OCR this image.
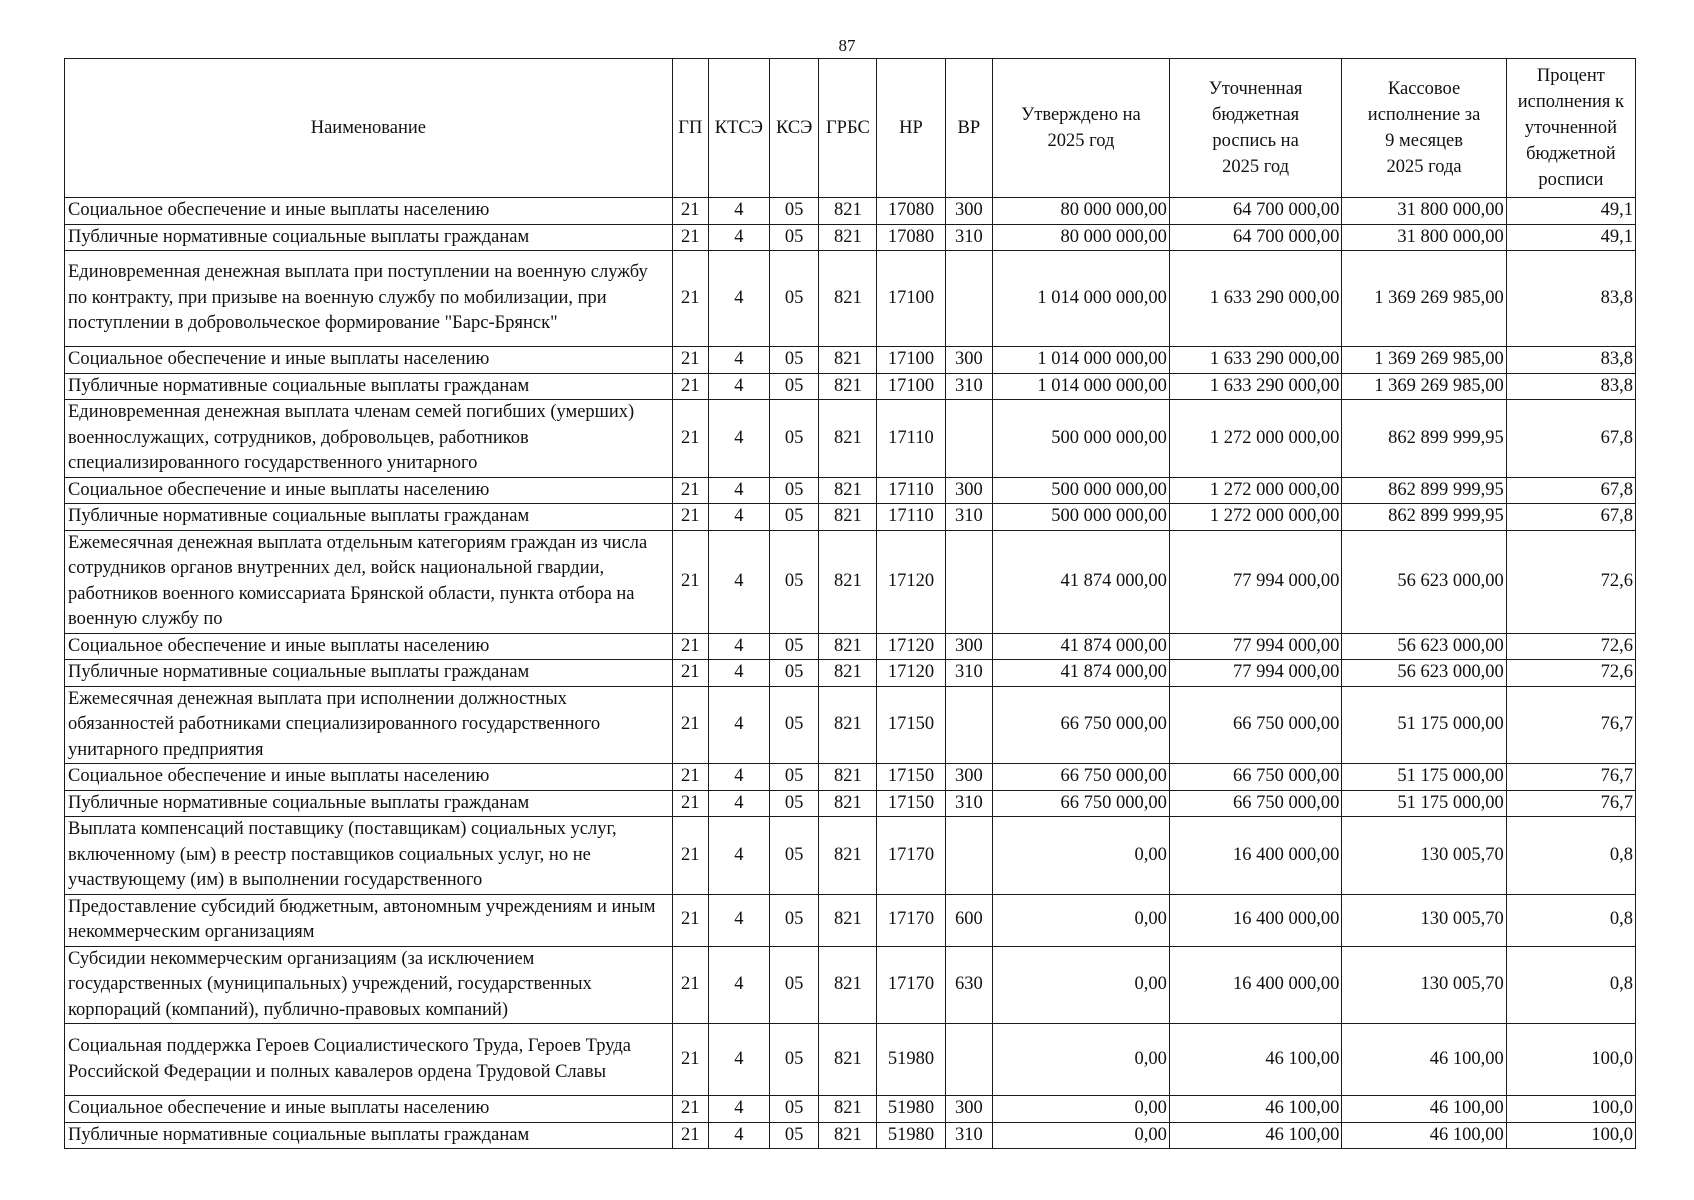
87
Наименование	ГП	КТСЭ	КСЭ	ГРБС	НР	ВР	Утверждено на 2025 год	Уточненная бюджетная роспись на 2025 год	Кассовое исполнение за 9 месяцев 2025 года	Процент исполнения к уточненной бюджетной росписи
Социальное обеспечение и иные выплаты населению	21	4	05	821	17080	300	80 000 000,00	64 700 000,00	31 800 000,00	49,1
Публичные нормативные социальные выплаты гражданам	21	4	05	821	17080	310	80 000 000,00	64 700 000,00	31 800 000,00	49,1
Единовременная денежная выплата при поступлении на военную службу по контракту, при призыве на военную службу по мобилизации, при поступлении в добровольческое формирование "Барс-Брянск"	21	4	05	821	17100		1 014 000 000,00	1 633 290 000,00	1 369 269 985,00	83,8
Социальное обеспечение и иные выплаты населению	21	4	05	821	17100	300	1 014 000 000,00	1 633 290 000,00	1 369 269 985,00	83,8
Публичные нормативные социальные выплаты гражданам	21	4	05	821	17100	310	1 014 000 000,00	1 633 290 000,00	1 369 269 985,00	83,8
Единовременная денежная выплата членам семей погибших (умерших) военнослужащих, сотрудников, добровольцев, работников специализированного государственного унитарного	21	4	05	821	17110		500 000 000,00	1 272 000 000,00	862 899 999,95	67,8
Социальное обеспечение и иные выплаты населению	21	4	05	821	17110	300	500 000 000,00	1 272 000 000,00	862 899 999,95	67,8
Публичные нормативные социальные выплаты гражданам	21	4	05	821	17110	310	500 000 000,00	1 272 000 000,00	862 899 999,95	67,8
Ежемесячная денежная выплата отдельным категориям граждан из числа сотрудников органов внутренних дел, войск национальной гвардии, работников военного комиссариата Брянской области, пункта отбора на военную службу по	21	4	05	821	17120		41 874 000,00	77 994 000,00	56 623 000,00	72,6
Социальное обеспечение и иные выплаты населению	21	4	05	821	17120	300	41 874 000,00	77 994 000,00	56 623 000,00	72,6
Публичные нормативные социальные выплаты гражданам	21	4	05	821	17120	310	41 874 000,00	77 994 000,00	56 623 000,00	72,6
Ежемесячная денежная выплата при исполнении должностных обязанностей работниками специализированного государственного унитарного предприятия	21	4	05	821	17150		66 750 000,00	66 750 000,00	51 175 000,00	76,7
Социальное обеспечение и иные выплаты населению	21	4	05	821	17150	300	66 750 000,00	66 750 000,00	51 175 000,00	76,7
Публичные нормативные социальные выплаты гражданам	21	4	05	821	17150	310	66 750 000,00	66 750 000,00	51 175 000,00	76,7
Выплата компенсаций поставщику (поставщикам) социальных услуг, включенному (ым) в реестр поставщиков социальных услуг, но не участвующему (им) в выполнении государственного	21	4	05	821	17170		0,00	16 400 000,00	130 005,70	0,8
Предоставление субсидий бюджетным, автономным учреждениям и иным некоммерческим организациям	21	4	05	821	17170	600	0,00	16 400 000,00	130 005,70	0,8
Субсидии некоммерческим организациям (за исключением государственных (муниципальных) учреждений, государственных корпораций (компаний), публично-правовых компаний)	21	4	05	821	17170	630	0,00	16 400 000,00	130 005,70	0,8
Социальная поддержка Героев Социалистического Труда, Героев Труда Российской Федерации и полных кавалеров ордена Трудовой Славы	21	4	05	821	51980		0,00	46 100,00	46 100,00	100,0
Социальное обеспечение и иные выплаты населению	21	4	05	821	51980	300	0,00	46 100,00	46 100,00	100,0
Публичные нормативные социальные выплаты гражданам	21	4	05	821	51980	310	0,00	46 100,00	46 100,00	100,0
